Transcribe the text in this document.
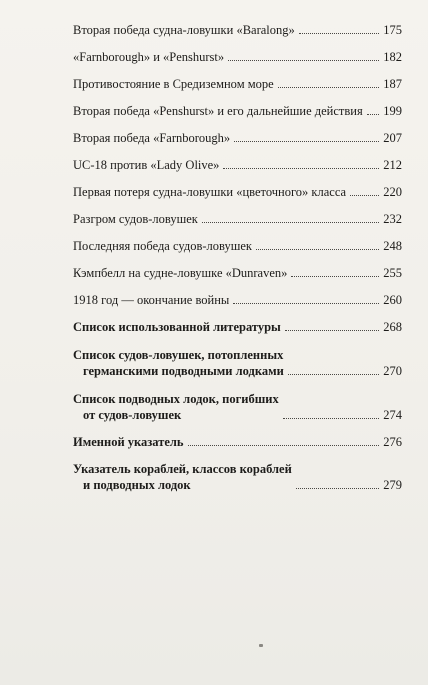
Вторая победа судна-ловушки «Baralong»	175
«Farnborough» и «Penshurst»	182
Противостояние в Средиземном море	187
Вторая победа «Penshurst» и его дальнейшие действия 199
Вторая победа «Farnborough»	207
UC-18 против «Lady Olive»	212
Первая потеря судна-ловушки «цветочного» класса	220
Разгром судов-ловушек	232
Последняя победа судов-ловушек	248
Кэмпбелл на судне-ловушке «Dunraven»	255
1918 год — окончание войны	260
Список использованной литературы	268
Список судов-ловушек, потопленных
германскими подводными лодками	270
Список подводных лодок, погибших
от судов-ловушек	274
Именной указатель	276
Указатель кораблей, классов кораблей
и подводных лодок	279
